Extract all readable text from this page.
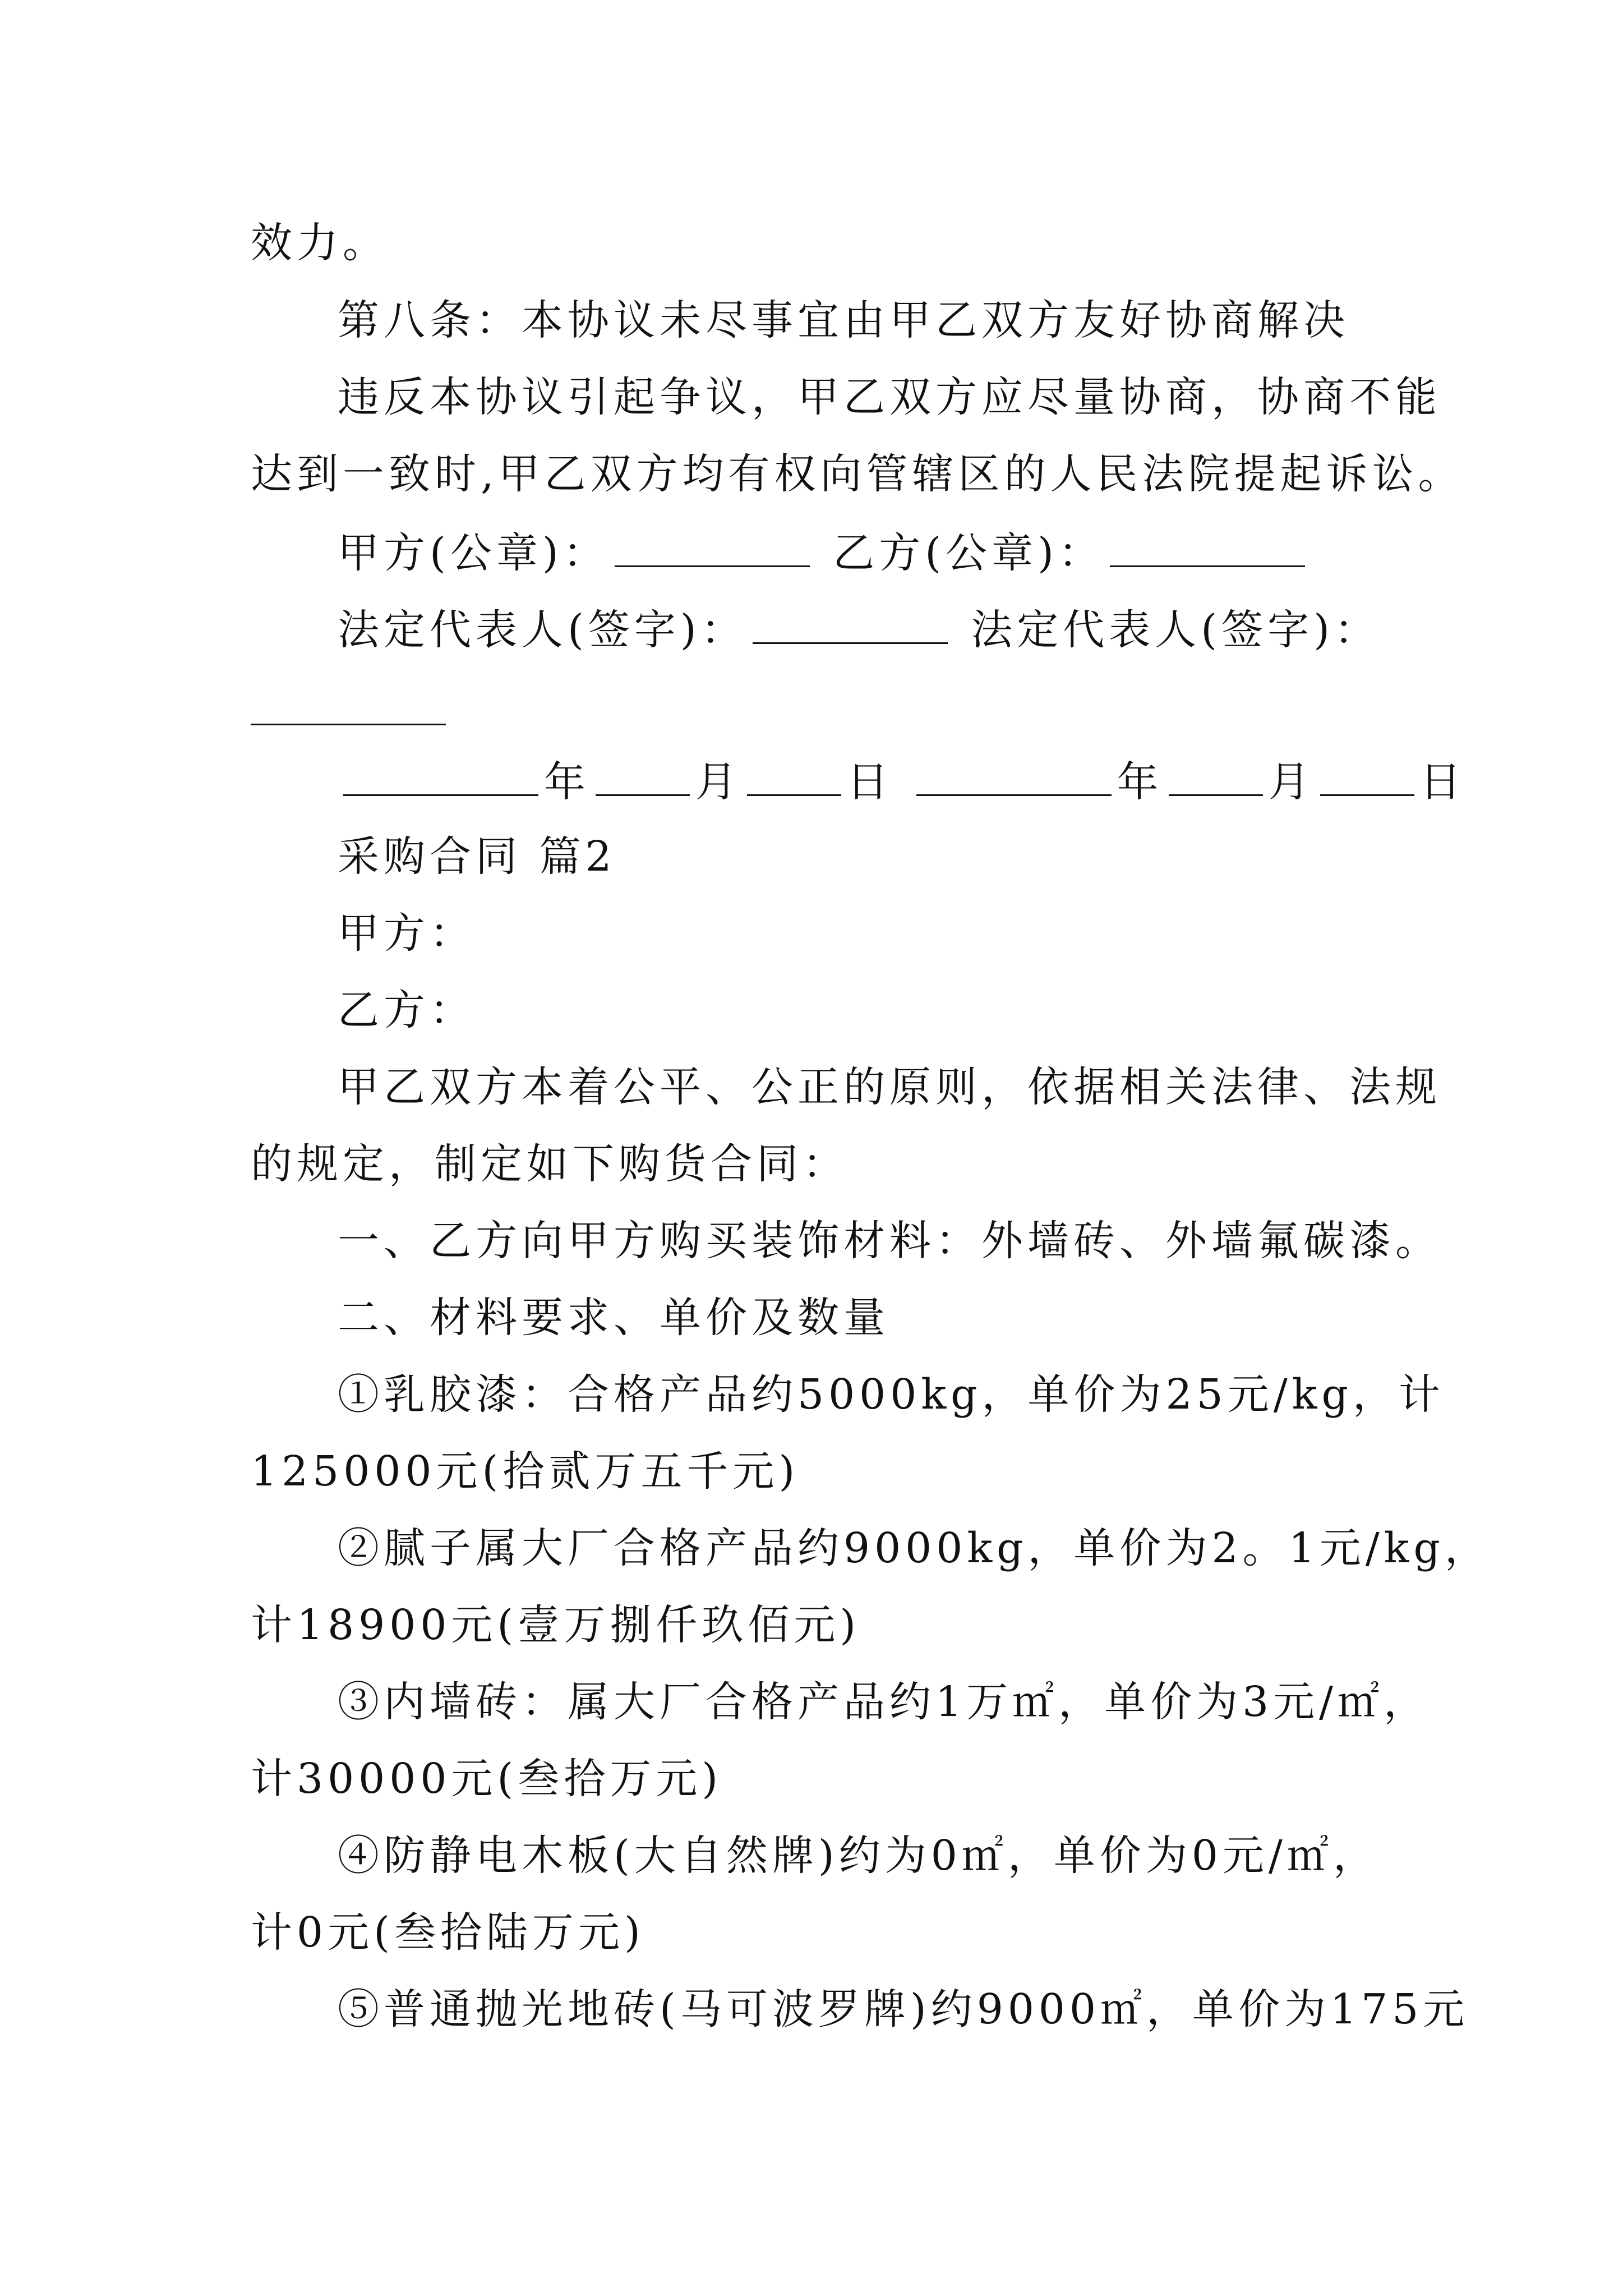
效力。
第八条：本协议未尽事宜由甲乙双方友好协商解决
违反本协议引起争议，甲乙双方应尽量协商，协商不能
达到一致时,甲乙双方均有权向管辖区的人民法院提起诉讼。
甲方(公章)：	乙方(公章)：
法定代表人(签字)：	法定代表人(签字)：
年	月	日	年	月	日
采购合同 篇2
甲方：
乙方：
甲乙双方本着公平、公正的原则，依据相关法律、法规
的规定，制定如下购货合同：
一、乙方向甲方购买装饰材料：外墙砖、外墙氟碳漆。
二、材料要求、单价及数量
①乳胶漆：合格产品约5000kg，单价为25元/kg，计
125000元(拾贰万五千元)
②腻子属大厂合格产品约9000kg，单价为2。1元/kg，
计18900元(壹万捌仟玖佰元)
③内墙砖：属大厂合格产品约1万㎡，单价为3元/㎡，
计30000元(叁拾万元)
④防静电木板(大自然牌)约为0㎡，单价为0元/㎡，
计0元(叁拾陆万元)
⑤普通抛光地砖(马可波罗牌)约9000㎡，单价为175元
